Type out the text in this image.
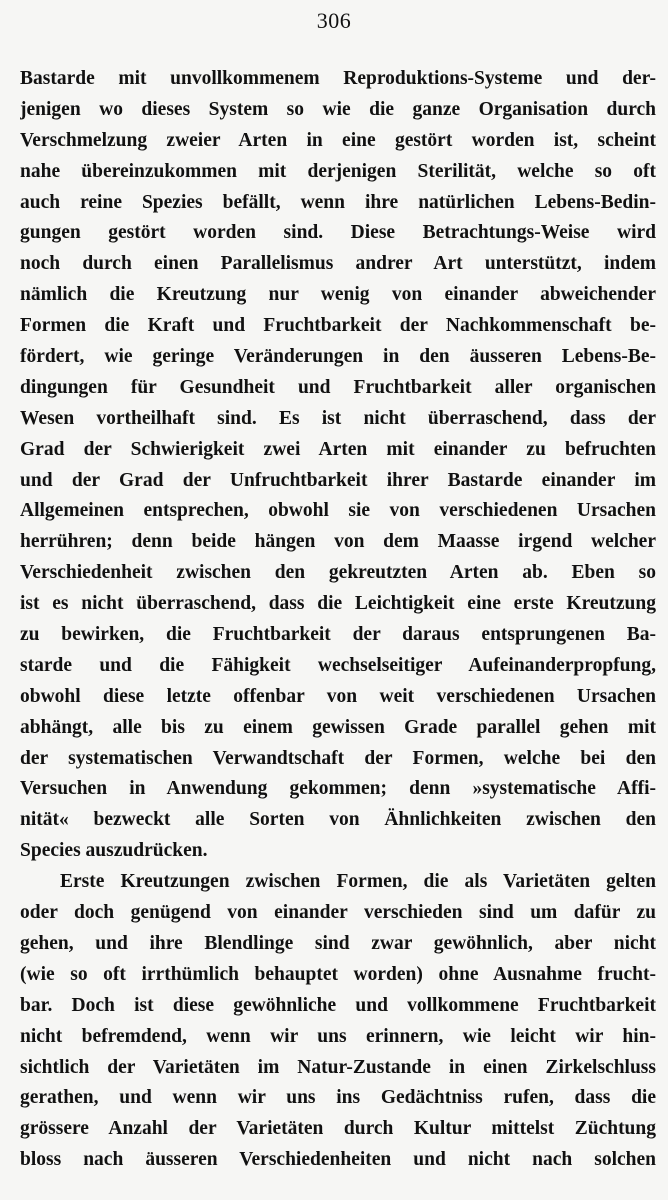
306
Bastarde mit unvollkommenem Reproduktions-Systeme und der-
jenigen wo dieses System so wie die ganze Organisation durch
Verschmelzung zweier Arten in eine gestört worden ist, scheint
nahe übereinzukommen mit derjenigen Sterilität, welche so oft
auch reine Spezies befällt, wenn ihre natürlichen Lebens-Bedin-
gungen gestört worden sind. Diese Betrachtungs-Weise wird
noch durch einen Parallelismus andrer Art unterstützt, indem
nämlich die Kreutzung nur wenig von einander abweichender
Formen die Kraft und Fruchtbarkeit der Nachkommenschaft be-
fördert, wie geringe Veränderungen in den äusseren Lebens-Be-
dingungen für Gesundheit und Fruchtbarkeit aller organischen
Wesen vortheilhaft sind. Es ist nicht überraschend, dass der
Grad der Schwierigkeit zwei Arten mit einander zu befruchten
und der Grad der Unfruchtbarkeit ihrer Bastarde einander im
Allgemeinen entsprechen, obwohl sie von verschiedenen Ursachen
herrühren; denn beide hängen von dem Maasse irgend welcher
Verschiedenheit zwischen den gekreutzten Arten ab. Eben so
ist es nicht überraschend, dass die Leichtigkeit eine erste Kreutzung
zu bewirken, die Fruchtbarkeit der daraus entsprungenen Ba-
starde und die Fähigkeit wechselseitiger Aufeinanderpropfung,
obwohl diese letzte offenbar von weit verschiedenen Ursachen
abhängt, alle bis zu einem gewissen Grade parallel gehen mit
der systematischen Verwandtschaft der Formen, welche bei den
Versuchen in Anwendung gekommen; denn »systematische Affi-
nität« bezweckt alle Sorten von Ähnlichkeiten zwischen den
Species auszudrücken.
Erste Kreutzungen zwischen Formen, die als Varietäten gelten
oder doch genügend von einander verschieden sind um dafür zu
gehen, und ihre Blendlinge sind zwar gewöhnlich, aber nicht
(wie so oft irrthümlich behauptet worden) ohne Ausnahme frucht-
bar. Doch ist diese gewöhnliche und vollkommene Fruchtbarkeit
nicht befremdend, wenn wir uns erinnern, wie leicht wir hin-
sichtlich der Varietäten im Natur-Zustande in einen Zirkelschluss
gerathen, und wenn wir uns ins Gedächtniss rufen, dass die
grössere Anzahl der Varietäten durch Kultur mittelst Züchtung
bloss nach äusseren Verschiedenheiten und nicht nach solchen
